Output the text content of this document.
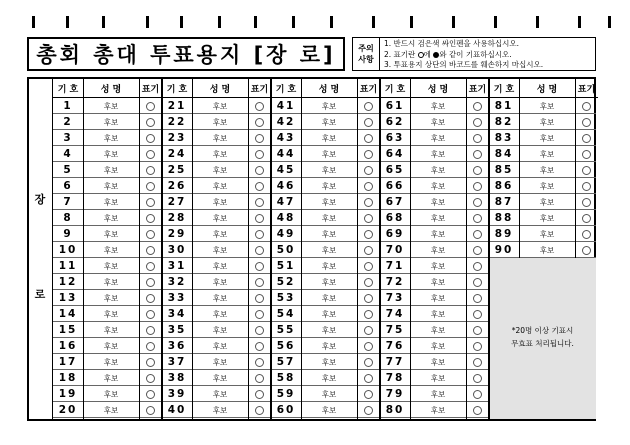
총회 총대 투표용지 [장 로]	주의
사항
1. 반드시 검은색 싸인펜을 사용하십시오.
2. 표기란 에 와 같이 기표하십시오.
3. 투표용지 상단의 바코드를 훼손하지 마십시오.
장
로
기 호	성 명	표기
1	후보
2	후보
3	후보
4	후보
5	후보
6	후보
7	후보
8	후보
9	후보
10	후보
11	후보
12	후보
13	후보
14	후보
15	후보
16	후보
17	후보
18	후보
19	후보
20	후보
기 호	성 명	표기
21	후보
22	후보
23	후보
24	후보
25	후보
26	후보
27	후보
28	후보
29	후보
30	후보
31	후보
32	후보
33	후보
34	후보
35	후보
36	후보
37	후보
38	후보
39	후보
40	후보
기 호	성 명	표기
41	후보
42	후보
43	후보
44	후보
45	후보
46	후보
47	후보
48	후보
49	후보
50	후보
51	후보
52	후보
53	후보
54	후보
55	후보
56	후보
57	후보
58	후보
59	후보
60	후보
기 호	성 명	표기
61	후보
62	후보
63	후보
64	후보
65	후보
66	후보
67	후보
68	후보
69	후보
70	후보
71	후보
72	후보
73	후보
74	후보
75	후보
76	후보
77	후보
78	후보
79	후보
80	후보
기 호	성 명	표기
81	후보
82	후보
83	후보
84	후보
85	후보
86	후보
87	후보
88	후보
89	후보
90	후보
*20명 이상 기표시
무효표 처리됩니다.
